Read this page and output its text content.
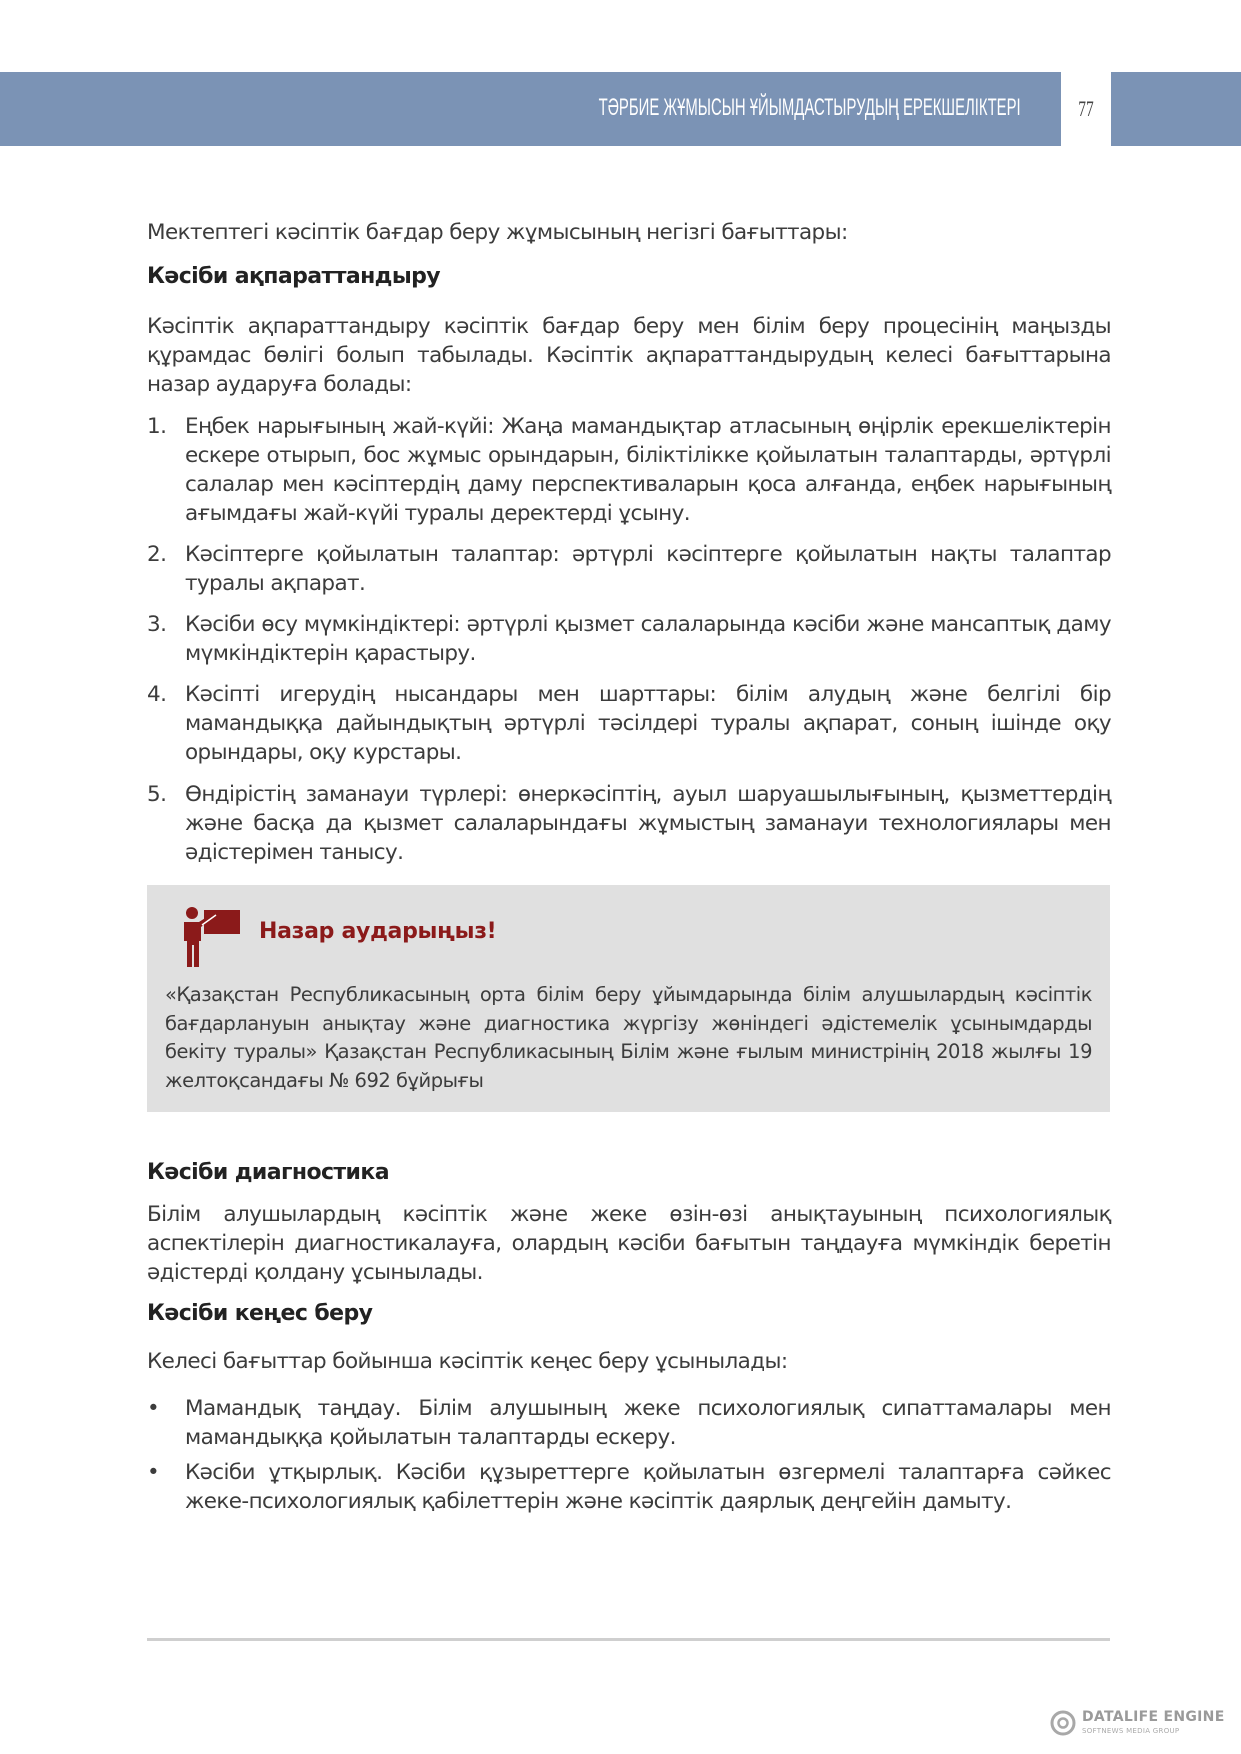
ТӘРБИЕ ЖҰМЫСЫН ҰЙЫМДАСТЫРУДЫҢ ЕРЕКШЕЛІКТЕРІ	77
Мектептегі кәсіптік бағдар беру жұмысының негізгі бағыттары:
Кәсіби ақпараттандыру
Кәсіптік ақпараттандыру кәсіптік бағдар беру мен білім беру процесінің маңызды құрамдас бөлігі болып табылады. Кәсіптік ақпараттандырудың келесі бағыттарына назар аударуға болады:
1. Еңбек нарығының жай-күйі: Жаңа мамандықтар атласының өңірлік ерекшеліктерін ескере отырып, бос жұмыс орындарын, біліктілікке қойылатын талаптарды, әртүрлі салалар мен кәсіптердің даму перспективаларын қоса алғанда, еңбек нарығының ағымдағы жай-күйі туралы деректерді ұсыну.
2. Кәсіптерге қойылатын талаптар: әртүрлі кәсіптерге қойылатын нақты талаптар туралы ақпарат.
3. Кәсіби өсу мүмкіндіктері: әртүрлі қызмет салаларында кәсіби және мансаптық даму мүмкіндіктерін қарастыру.
4. Кәсіпті игерудің нысандары мен шарттары: білім алудың және белгілі бір мамандыққа дайындықтың әртүрлі тәсілдері туралы ақпарат, соның ішінде оқу орындары, оқу курстары.
5. Өндірістің заманауи түрлері: өнеркәсіптің, ауыл шаруашылығының, қызметтердің және басқа да қызмет салаларындағы жұмыстың заманауи технологиялары мен әдістерімен танысу.
Назар аударыңыз!
«Қазақстан Республикасының орта білім беру ұйымдарында білім алушылардың кәсіптік бағдарлануын анықтау және диагностика жүргізу жөніндегі әдістемелік ұсынымдарды бекіту туралы» Қазақстан Республикасының Білім және ғылым министрінің 2018 жылғы 19 желтоқсандағы № 692 бұйрығы
Кәсіби диагностика
Білім алушылардың кәсіптік және жеке өзін-өзі анықтауының психологиялық аспектілерін диагностикалауға, олардың кәсіби бағытын таңдауға мүмкіндік беретін әдістерді қолдану ұсынылады.
Кәсіби кеңес беру
Келесі бағыттар бойынша кәсіптік кеңес беру ұсынылады:
•	Мамандық таңдау. Білім алушының жеке психологиялық сипаттамалары мен мамандыққа қойылатын талаптарды ескеру.
•	Кәсіби ұтқырлық. Кәсіби құзыреттерге қойылатын өзгермелі талаптарға сәйкес жеке-психологиялық қабілеттерін және кәсіптік даярлық деңгейін дамыту.
DATALIFE ENGINE
SOFTNEWS MEDIA GROUP
